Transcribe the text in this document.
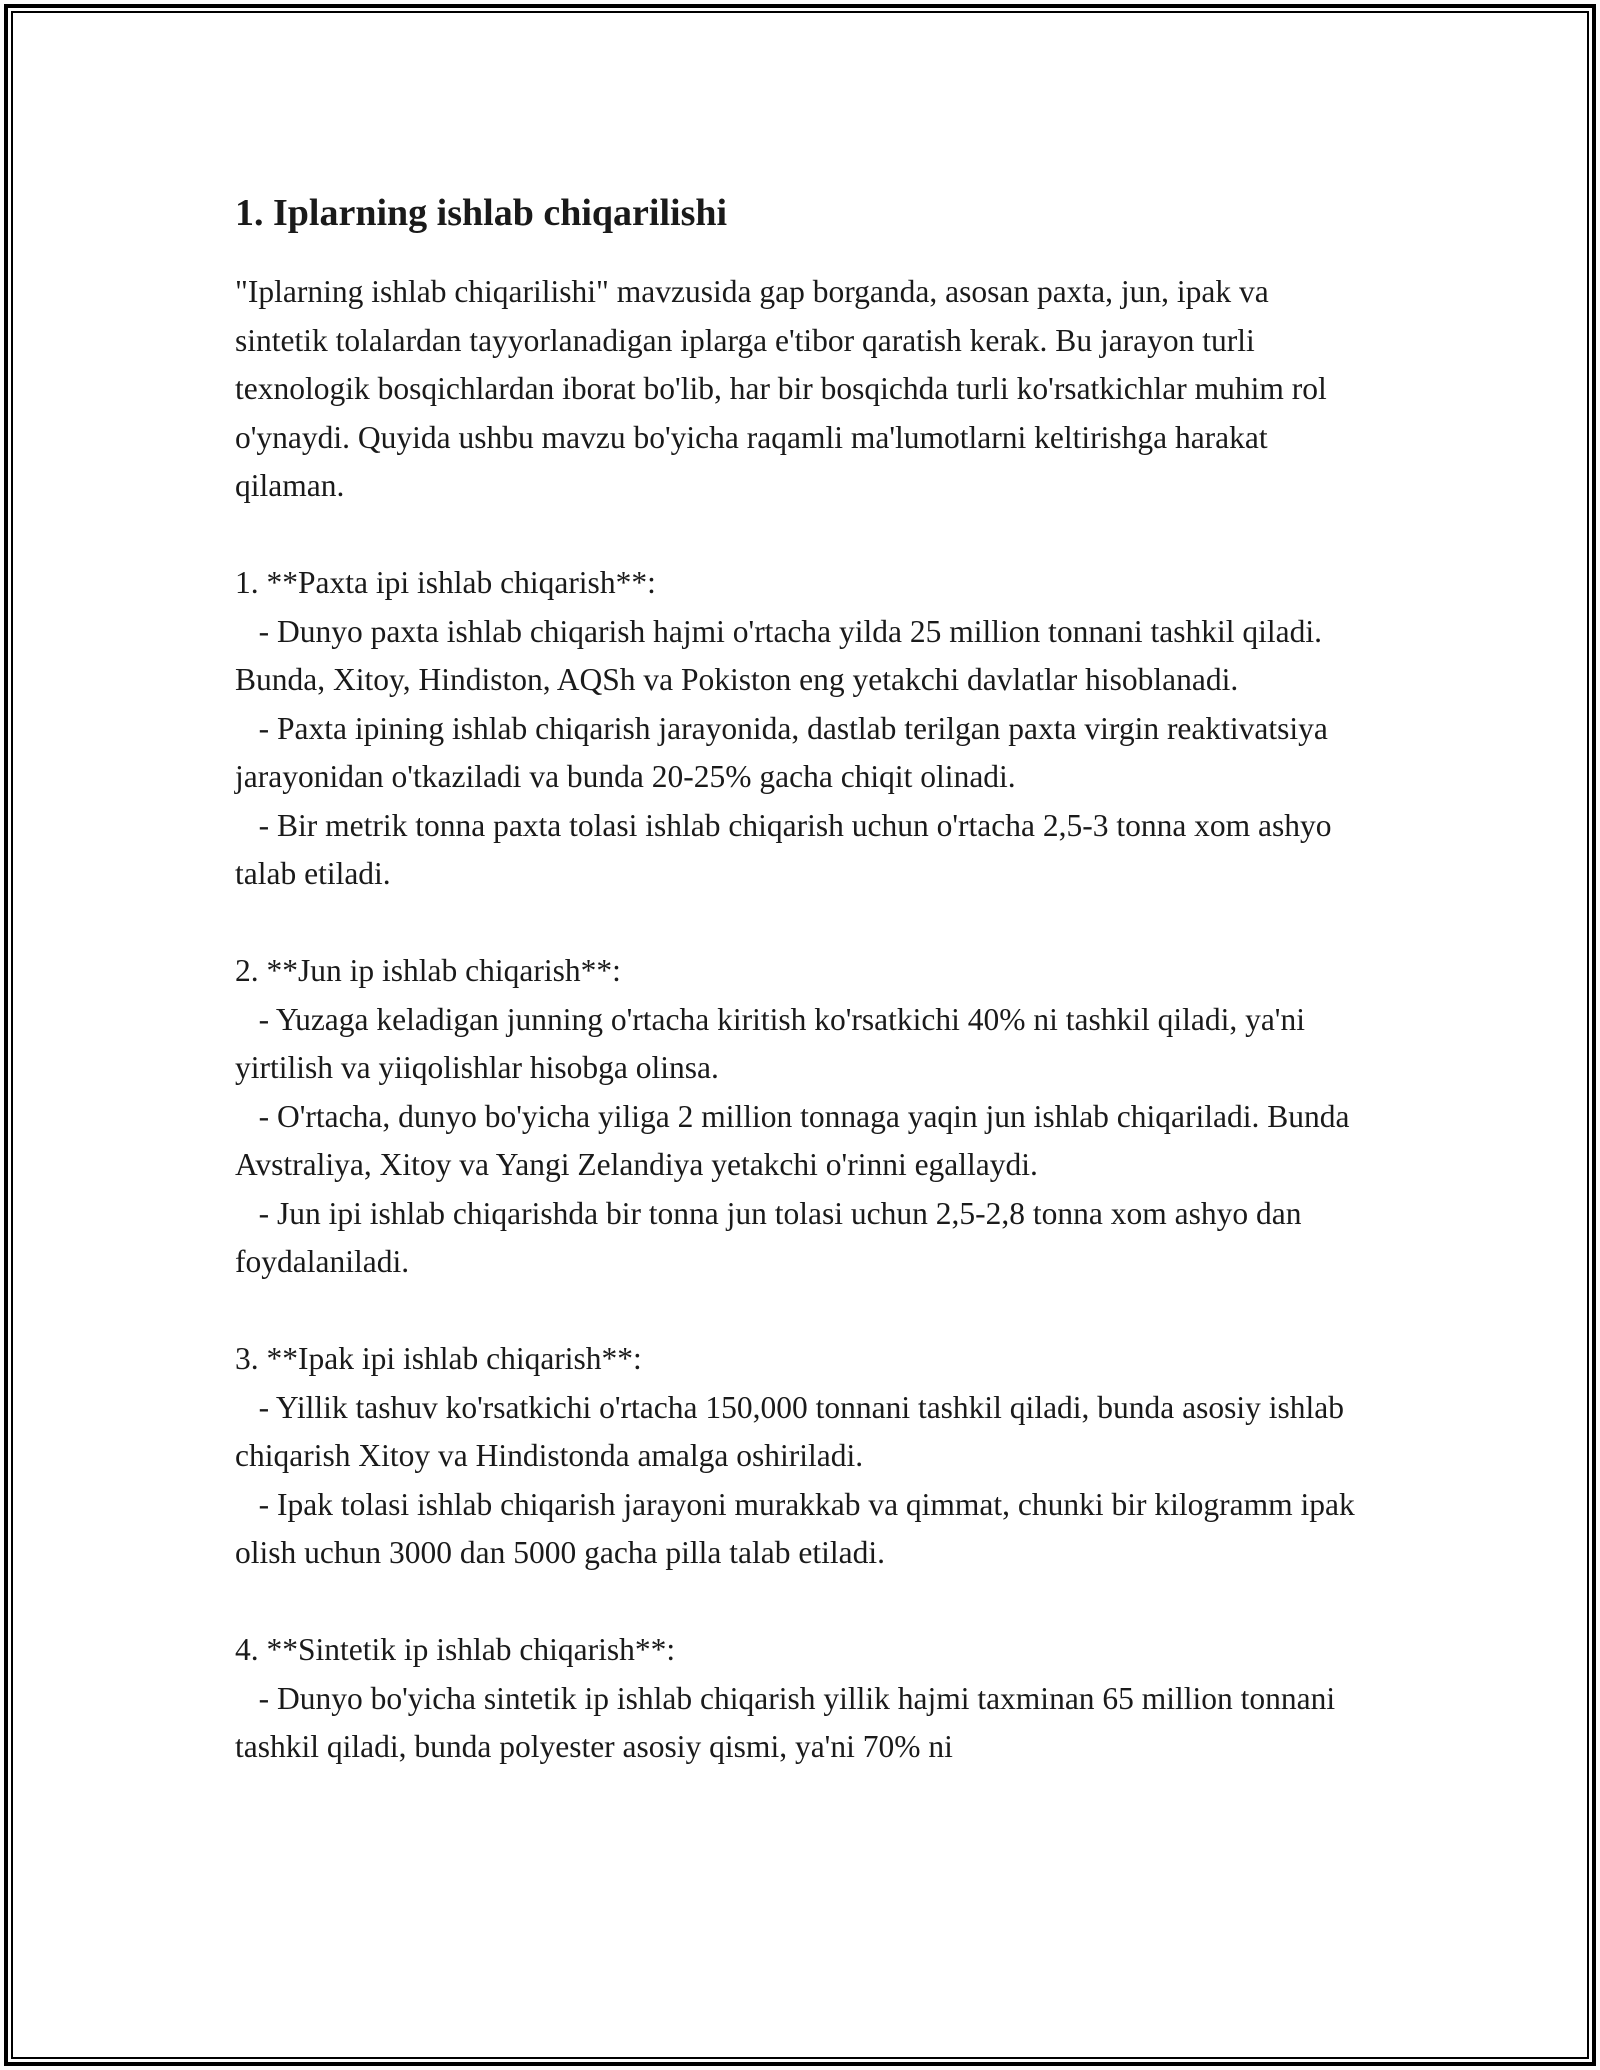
1. Iplarning ishlab chiqarilishi

"Iplarning ishlab chiqarilishi" mavzusida gap borganda, asosan paxta, jun, ipak va sintetik tolalardan tayyorlanadigan iplarga e'tibor qaratish kerak. Bu jarayon turli texnologik bosqichlardan iborat bo'lib, har bir bosqichda turli ko'rsatkichlar muhim rol o'ynaydi. Quyida ushbu mavzu bo'yicha raqamli ma'lumotlarni keltirishga harakat qilaman.

1. **Paxta ipi ishlab chiqarish**:

- Dunyo paxta ishlab chiqarish hajmi o'rtacha yilda 25 million tonnani tashkil qiladi. Bunda, Xitoy, Hindiston, AQSh va Pokiston eng yetakchi davlatlar hisoblanadi.

- Paxta ipining ishlab chiqarish jarayonida, dastlab terilgan paxta virgin reaktivatsiya jarayonidan o'tkaziladi va bunda 20-25% gacha chiqit olinadi.

- Bir metrik tonna paxta tolasi ishlab chiqarish uchun o'rtacha 2,5-3 tonna xom ashyo talab etiladi.

2. **Jun ip ishlab chiqarish**:

- Yuzaga keladigan junning o'rtacha kiritish ko'rsatkichi 40% ni tashkil qiladi, ya'ni yirtilish va yiiqolishlar hisobga olinsa.

- O'rtacha, dunyo bo'yicha yiliga 2 million tonnaga yaqin jun ishlab chiqariladi. Bunda Avstraliya, Xitoy va Yangi Zelandiya yetakchi o'rinni egallaydi.

- Jun ipi ishlab chiqarishda bir tonna jun tolasi uchun 2,5-2,8 tonna xom ashyo dan foydalaniladi.

3. **Ipak ipi ishlab chiqarish**:

- Yillik tashuv ko'rsatkichi o'rtacha 150,000 tonnani tashkil qiladi, bunda asosiy ishlab chiqarish Xitoy va Hindistonda amalga oshiriladi.

- Ipak tolasi ishlab chiqarish jarayoni murakkab va qimmat, chunki bir kilogramm ipak olish uchun 3000 dan 5000 gacha pilla talab etiladi.

4. **Sintetik ip ishlab chiqarish**:

- Dunyo bo'yicha sintetik ip ishlab chiqarish yillik hajmi taxminan 65 million tonnani tashkil qiladi, bunda polyester asosiy qismi, ya'ni 70% ni
